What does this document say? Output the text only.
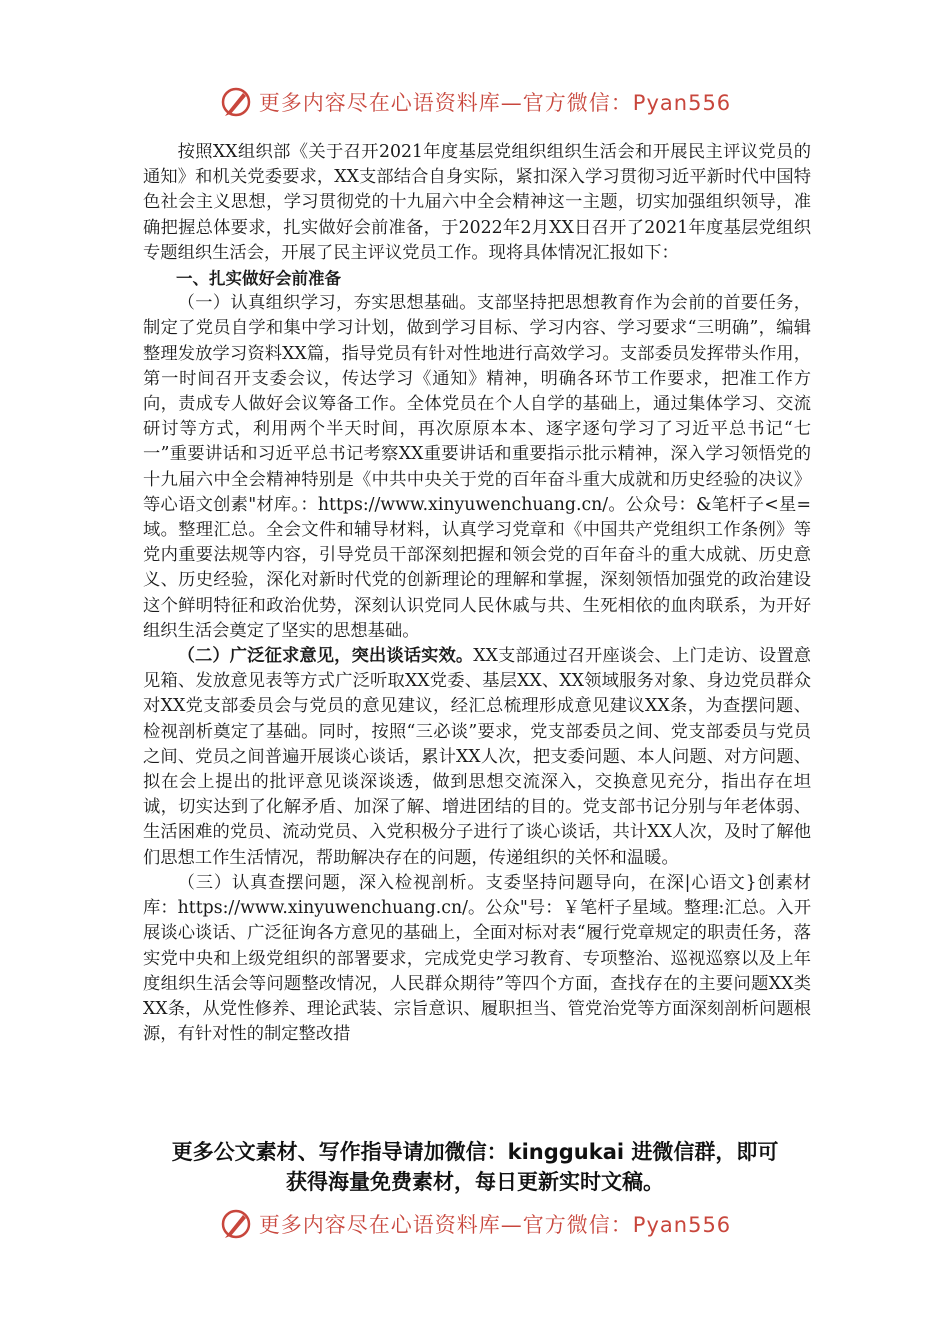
更多内容尽在心语资料库—官方微信：Pyan556

按照XX组织部《关于召开2021年度基层党组织组织生活会和开展民主评议党员的通知》和机关党委要求，XX支部结合自身实际，紧扣深入学习贯彻习近平新时代中国特色社会主义思想，学习贯彻党的十九届六中全会精神这一主题，切实加强组织领导，准确把握总体要求，扎实做好会前准备，于2022年2月XX日召开了2021年度基层党组织专题组织生活会，开展了民主评议党员工作。现将具体情况汇报如下：

一、扎实做好会前准备

（一）认真组织学习，夯实思想基础。支部坚持把思想教育作为会前的首要任务，制定了党员自学和集中学习计划，做到学习目标、学习内容、学习要求“三明确”，编辑整理发放学习资料XX篇，指导党员有针对性地进行高效学习。支部委员发挥带头作用，第一时间召开支委会议，传达学习《通知》精神，明确各环节工作要求，把准工作方向，责成专人做好会议筹备工作。全体党员在个人自学的基础上，通过集体学习、交流研讨等方式，利用两个半天时间，再次原原本本、逐字逐句学习了习近平总书记“七一”重要讲话和习近平总书记考察XX重要讲话和重要指示批示精神，深入学习领悟党的十九届六中全会精神特别是《中共中央关于党的百年奋斗重大成就和历史经验的决议》等心语文创素"材库。：https://www.xinyuwenchuang.cn/。公众号：&笔杆子<星=域。整理汇总。全会文件和辅导材料，认真学习党章和《中国共产党组织工作条例》等党内重要法规等内容，引导党员干部深刻把握和领会党的百年奋斗的重大成就、历史意义、历史经验，深化对新时代党的创新理论的理解和掌握，深刻领悟加强党的政治建设这个鲜明特征和政治优势，深刻认识党同人民休戚与共、生死相依的血肉联系，为开好组织生活会奠定了坚实的思想基础。

（二）广泛征求意见，突出谈话实效。XX支部通过召开座谈会、上门走访、设置意见箱、发放意见表等方式广泛听取XX党委、基层XX、XX领域服务对象、身边党员群众对XX党支部委员会与党员的意见建议，经汇总梳理形成意见建议XX条，为查摆问题、检视剖析奠定了基础。同时，按照“三必谈”要求，党支部委员之间、党支部委员与党员之间、党员之间普遍开展谈心谈话，累计XX人次，把支委问题、本人问题、对方问题、拟在会上提出的批评意见谈深谈透，做到思想交流深入，交换意见充分，指出存在坦诚，切实达到了化解矛盾、加深了解、增进团结的目的。党支部书记分别与年老体弱、生活困难的党员、流动党员、入党积极分子进行了谈心谈话，共计XX人次，及时了解他们思想工作生活情况，帮助解决存在的问题，传递组织的关怀和温暖。

（三）认真查摆问题，深入检视剖析。支委坚持问题导向，在深|心语文}创素材库：https://www.xinyuwenchuang.cn/。公众"号：￥笔杆子星域。整理:汇总。入开展谈心谈话、广泛征询各方意见的基础上，全面对标对表“履行党章规定的职责任务，落实党中央和上级党组织的部署要求，完成党史学习教育、专项整治、巡视巡察以及上年度组织生活会等问题整改情况，人民群众期待”等四个方面，查找存在的主要问题XX类XX条，从党性修养、理论武装、宗旨意识、履职担当、管党治党等方面深刻剖析问题根源，有针对性的制定整改措

更多公文素材、写作指导请加微信：kinggukai 进微信群，即可
获得海量免费素材，每日更新实时文稿。
更多内容尽在心语资料库—官方微信：Pyan556
